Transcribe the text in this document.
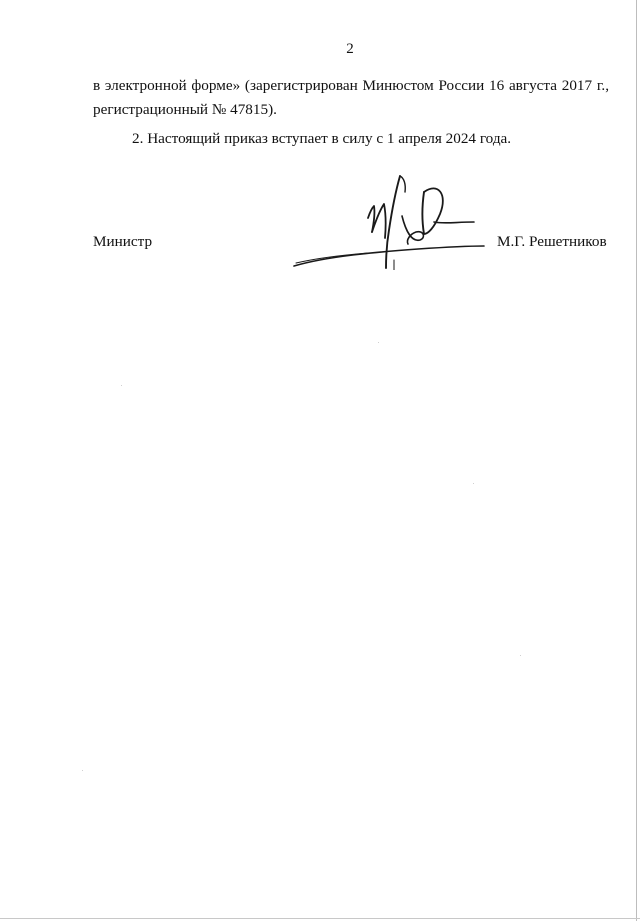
2
в электронной форме» (зарегистрирован Минюстом России 16 августа 2017 г.,
регистрационный № 47815).
2. Настоящий приказ вступает в силу с 1 апреля 2024 года.
Министр	М.Г. Решетников
